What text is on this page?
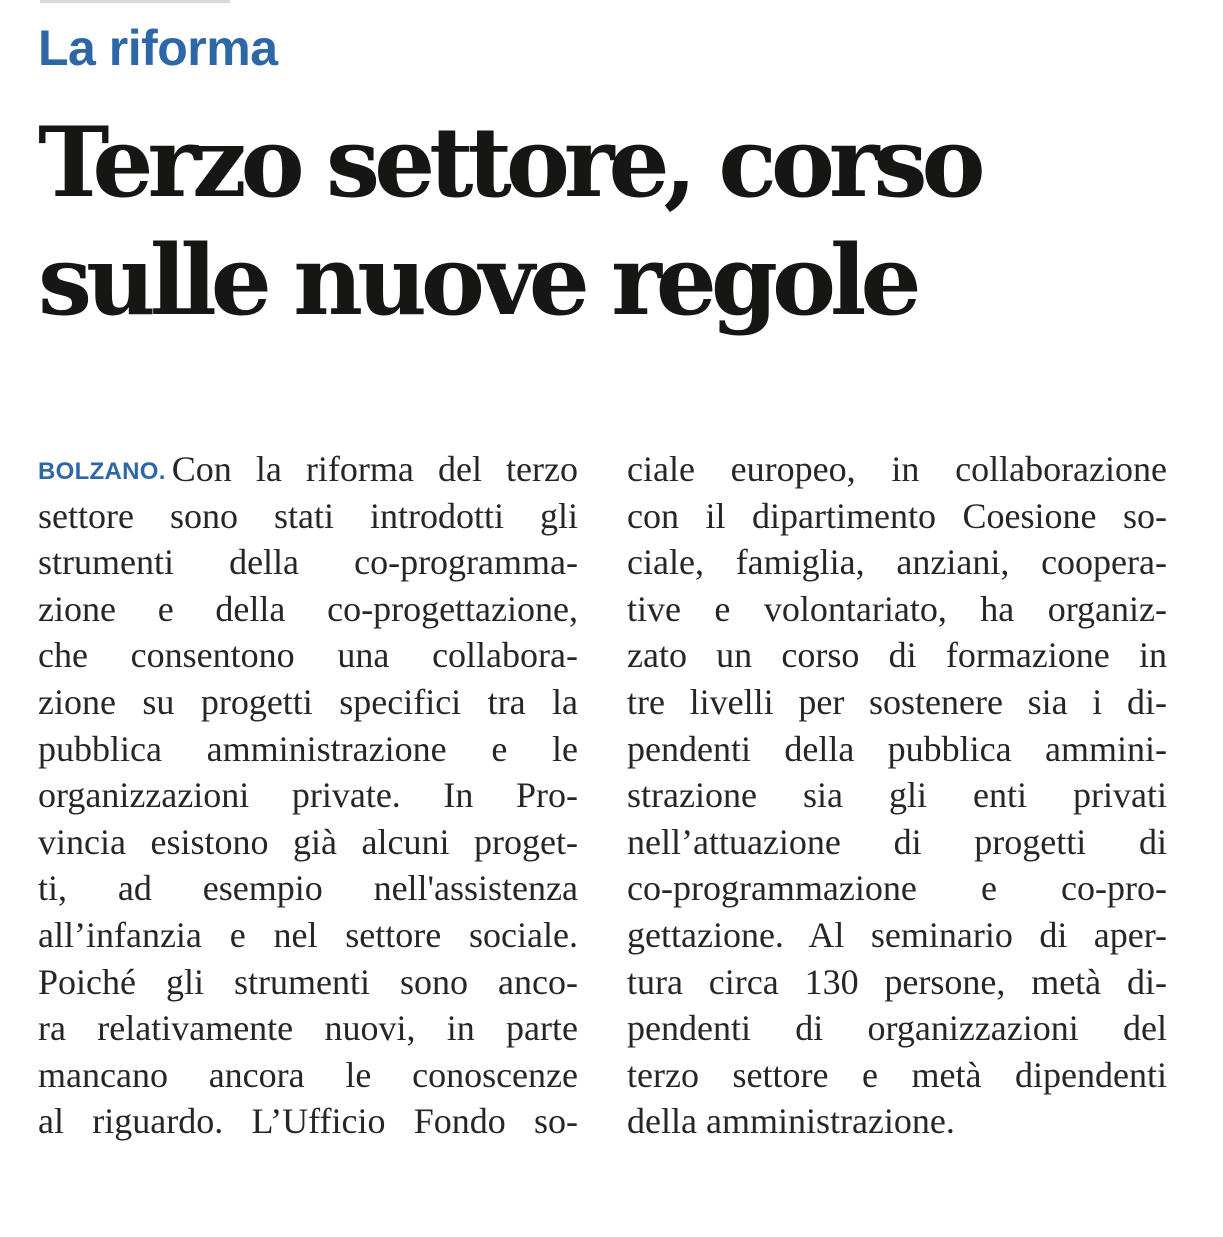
La riforma
Terzo settore, corso
sulle nuove regole
BOLZANO. Con la riforma del terzo
settore sono stati introdotti gli
strumenti della co-programma-
zione e della co-progettazione,
che consentono una collabora-
zione su progetti specifici tra la
pubblica amministrazione e le
organizzazioni private. In Pro-
vincia esistono già alcuni proget-
ti, ad esempio nell'assistenza
all’infanzia e nel settore sociale.
Poiché gli strumenti sono anco-
ra relativamente nuovi, in parte
mancano ancora le conoscenze
al riguardo. L’Ufficio Fondo so-
ciale europeo, in collaborazione
con il dipartimento Coesione so-
ciale, famiglia, anziani, coopera-
tive e volontariato, ha organiz-
zato un corso di formazione in
tre livelli per sostenere sia i di-
pendenti della pubblica ammini-
strazione sia gli enti privati
nell’attuazione di progetti di
co-programmazione e co-pro-
gettazione. Al seminario di aper-
tura circa 130 persone, metà di-
pendenti di organizzazioni del
terzo settore e metà dipendenti
della amministrazione.
